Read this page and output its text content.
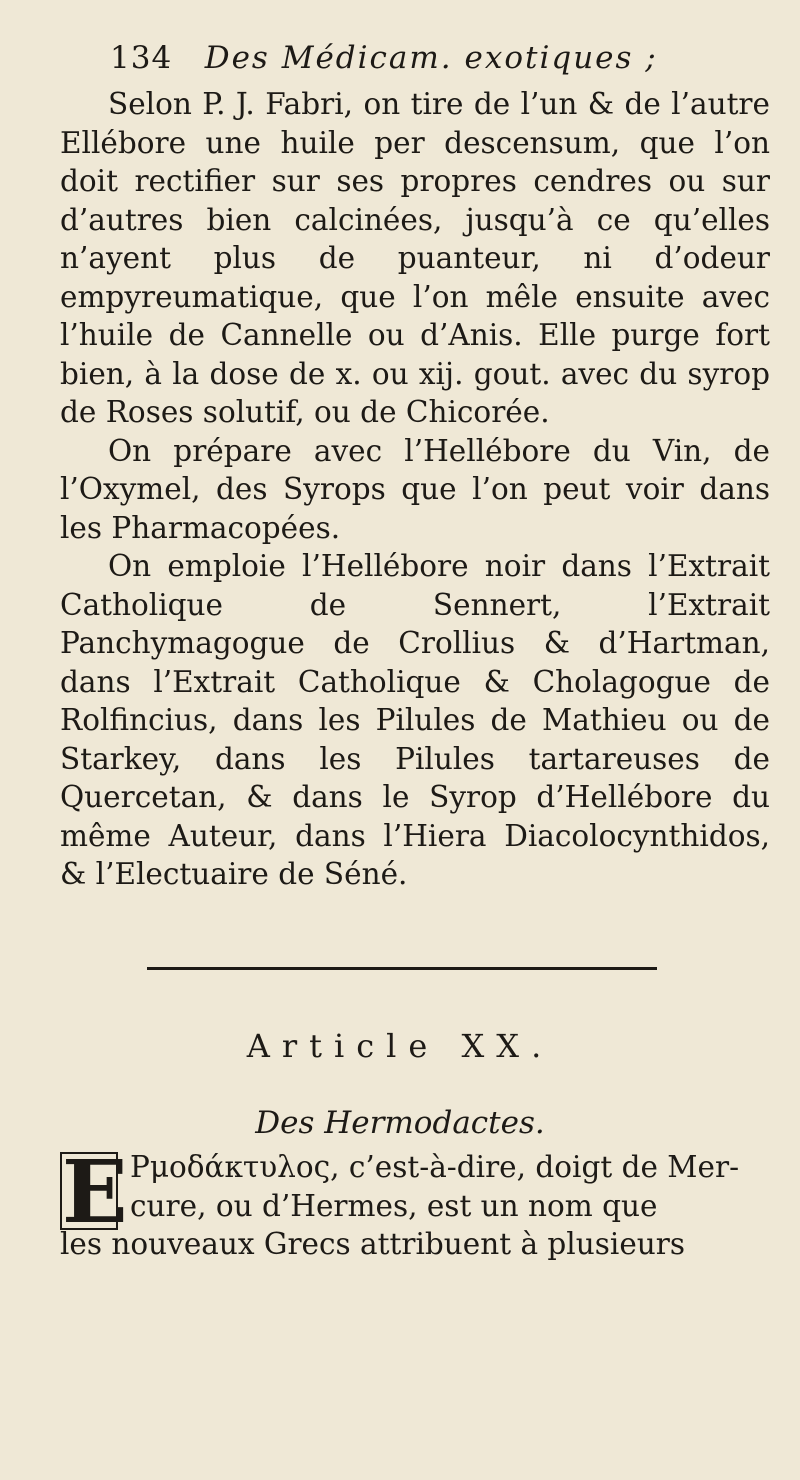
134 Des Médicam. exotiques ;

Selon P. J. Fabri, on tire de l’un & de l’autre Ellébore une huile per descensum, que l’on doit rectifier sur ses propres cendres ou sur d’autres bien calcinées, jusqu’à ce qu’elles n’ayent plus de puanteur, ni d’odeur empyreumatique, que l’on mêle ensuite avec l’huile de Cannelle ou d’Anis. Elle purge fort bien, à la dose de x. ou xij. gout. avec du syrop de Roses solutif, ou de Chicorée.

On prépare avec l’Hellébore du Vin, de l’Oxymel, des Syrops que l’on peut voir dans les Pharmacopées.

On emploie l’Hellébore noir dans l’Extrait Catholique de Sennert, l’Extrait Panchymagogue de Crollius & d’Hartman, dans l’Extrait Catholique & Cholagogue de Rolfincius, dans les Pilules de Mathieu ou de Starkey, dans les Pilules tartareuses de Quercetan, & dans le Syrop d’Hellébore du même Auteur, dans l’Hiera Diacolocynthidos, & l’Electuaire de Séné.

Article XX.
Des Hermodactes.
E Ρμοδάκτυλος, c’est-à-dire, doigt de Mer-
cure, ou d’Hermes, est un nom que
les nouveaux Grecs attribuent à plusieurs
